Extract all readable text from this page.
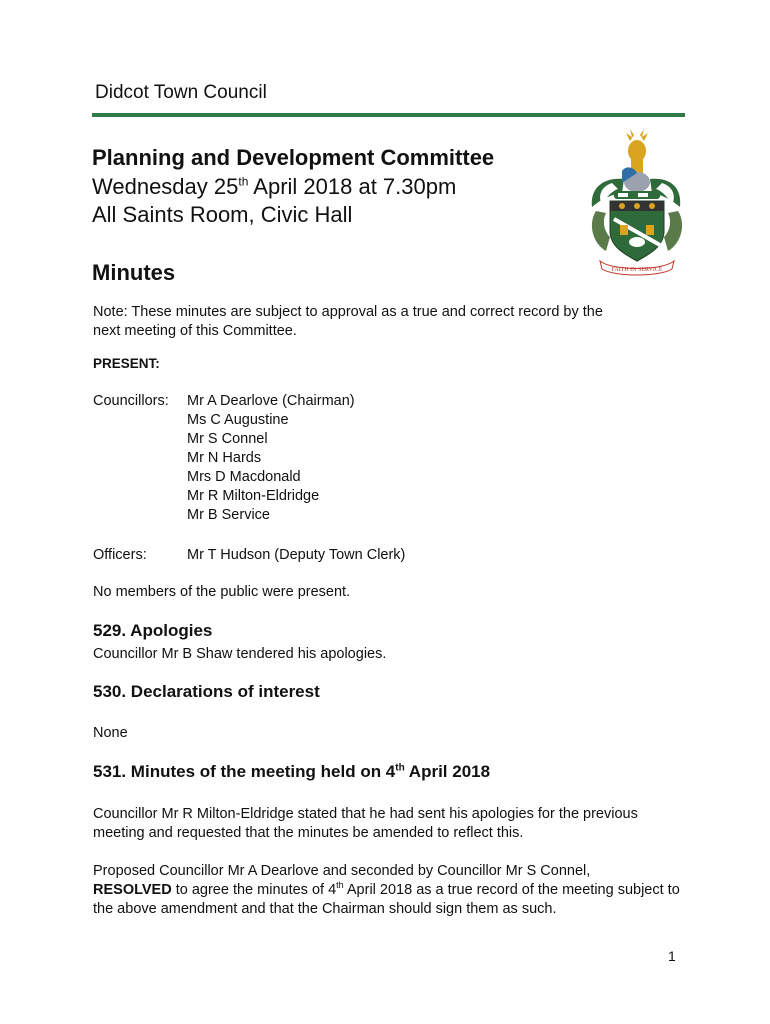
Didcot Town Council
Planning and Development Committee
Wednesday 25th April 2018 at 7.30pm
All Saints Room, Civic Hall
FAITH IN SERVICE
Minutes
Note: These minutes are subject to approval as a true and correct record by the next meeting of this Committee.
PRESENT:
Councillors: Mr A Dearlove (Chairman)
Ms C Augustine
Mr S Connel
Mr N Hards
Mrs D Macdonald
Mr R Milton-Eldridge
Mr B Service
Officers:	Mr T Hudson (Deputy Town Clerk)
No members of the public were present.
529. Apologies
Councillor Mr B Shaw tendered his apologies.
530. Declarations of interest
None
531. Minutes of the meeting held on 4th April 2018
Councillor Mr R Milton-Eldridge stated that he had sent his apologies for the previous meeting and requested that the minutes be amended to reflect this.
Proposed Councillor Mr A Dearlove and seconded by Councillor Mr S Connel,
RESOLVED to agree the minutes of 4th April 2018 as a true record of the meeting subject to the above amendment and that the Chairman should sign them as such.
1
